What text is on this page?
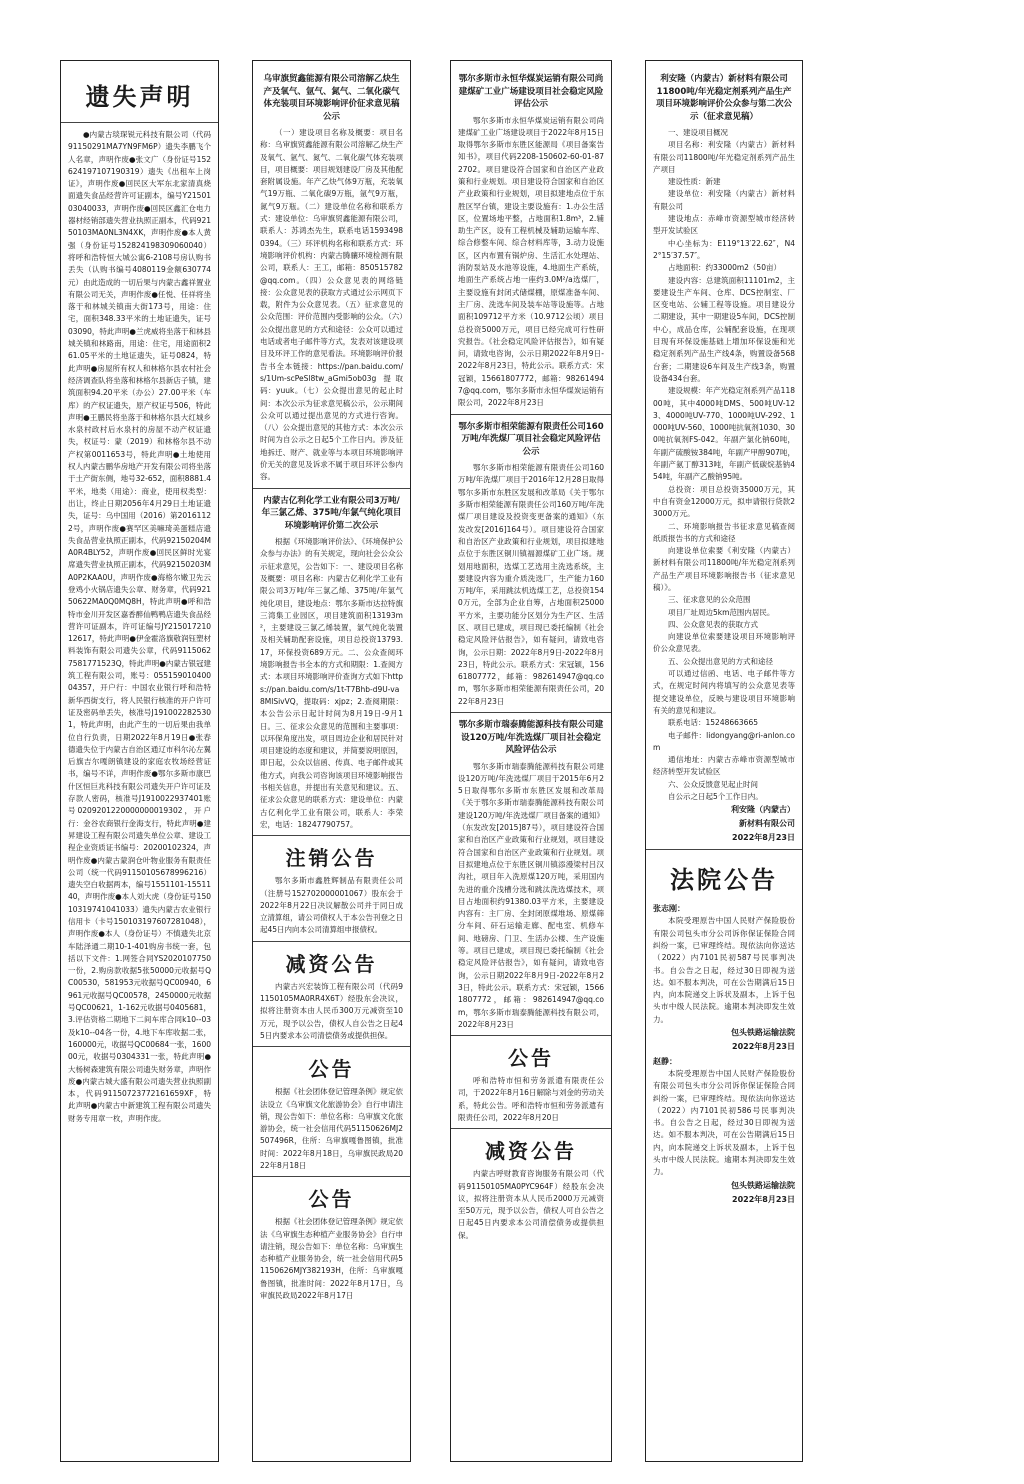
遗失声明

●内蒙古琰琛锐元科技有限公司（代码91150291MA7YN9FM6P）遗失李鹏飞个人名章，声明作废●张文广（身份证号152624197107190319）遗失《出租车上岗证》，声明作废●回民区大军东北家清真烧面遗失食品经营许可证副本，编号Y2150103040033，声明作废●回民区鑫汇仓电力器材经销部遗失营业执照正副本，代码92150103MA0NL3N4XK，声明作废●本人黄强（身份证号152824198309060040）将呼和浩特恒大城公寓6-2108号房认购书丢失（认购书编号4080119金额630774元）由此造成的一切后果与内蒙古鑫祥置业有限公司无关，声明作废●任悦、任祥将坐落于和林城关镇南大街173号，用途：住宅，面积348.33平米的土地证遗失，证号03090，特此声明●兰虎威将坐落于和林县城关镇和林路南，用途：住宅，用途面积261.05平米的土地证遗失，证号0824，特此声明●房屋所有权人和林格尔县农村社会经济调查队将坐落和林格尔县新店子镇，建筑面积94.20平米（办公）27.00平米（车库）的产权证遗失，原产权证号506，特此声明●王鹏民将坐落于和林格尔县大红城乡水泉村政村后水泉村的房屋不动产权证遗失，权证号：蒙（2019）和林格尔县不动产权第0011653号，特此声明●土地使用权人内蒙古鹏华房地产开发有限公司将坐落于土产街东侧，地号32-652，面积8881.4平米，地类（用途）：商业，使用权类型：出让，终止日期2056年4月29日土地证遗失，证号：乌中国用（2016）第20161122号，声明作废●赛罕区美嘛琦美蛋糕店遗失食品营业执照正副本，代码92150204MA0R4BLY52，声明作废●回民区鲜时光宴席遗失营业执照正副本，代码92150203MA0P2KAA0U，声明作废●海格尔嫩卫先云登鸡小火锅店遗失公章、财务章，代码92150622MA0Q0MQ8H，特此声明●呼和浩特市金川开发区嘉香醉仙鸭鸭店遗失食品经营许可证副本，许可证编号JY21501721012617，特此声明●伊金霍洛旗敬润钰塑材料装饰有限公司遗失公章，代码91150627581771523Q，特此声明●内蒙古银冠建筑工程有限公司，账号：05515901040004357，开户行：中国农业银行呼和浩特新华西街支行，将人民银行核准的开户许可证及密码单丢失，核准号J1910022825301，特此声明，由此产生的一切后果由我单位自行负责，日期2022年8月19日●张春德遗失位于内蒙古自治区通辽市科尔沁左翼后旗吉尔嘎朗镇建设的家庭农牧场经营证书，编号不详，声明作废●鄂尔多斯市康巴什区恒巨兆科技有限公司遗失开户许可证及存款人密码，核准号J1910022937401账号0209201220000000019302，开户行：金谷农商银行金海支行，特此声明●建昇建设工程有限公司遗失单位公章、建设工程企业资质证书编号：20200102324，声明作废●内蒙古蒙润仓叶物业服务有限责任公司（统一代码91150105678996216）遗失空白收据两本，编号1551101-1551140，声明作废●本人刘大虎（身份证号15010319741041033）遗失内蒙古农业银行信用卡（卡号150103197607281048），声明作废●本人（身份证号）不慎遗失北京车陆泽通二期10-1-401购房书统一套，包括以下文件：1.网签合同YS2020107750一份，2.购房款收据5张50000元收据号QC00530，581953元收据号QC00940，6961元收据号QC00578，2450000元收据号QC00621，1-162元收据号0405681，3.评估资格二期地下二间车库合同k10--03及k10--04各一份，4.地下车库收据二张，160000元，收据号QC00684一张，160000元，收据号0304331一张，特此声明●大杨树森建筑有限公司遗失财务章，声明作废●内蒙古城大盛有限公司遗失营业执照副本，代码91150723772161659XF，特此声明●内蒙古中新建筑工程有限公司遗失财务专用章一枚，声明作废。

乌审旗贸鑫能源有限公司溶解乙炔生产及氧气、氩气、氮气、二氧化碳气体充装项目环境影响评价征求意见稿公示

（一）建设项目名称及概要：项目名称：乌审旗贸鑫能源有限公司溶解乙炔生产及氧气、氩气、氮气、二氧化碳气体充装项目，项目概要：项目规划建设厂房及其他配套附属设施。年产乙炔气体9万瓶，充装氧气19万瓶、二氧化碳9万瓶，氩气9万瓶，氮气9万瓶。（二）建设单位名称和联系方式：建设单位：乌审旗贸鑫能源有限公司，联系人：苏鸿杰先生，联系电话15934980394。（三）环评机构名称和联系方式：环境影响评价机构：内蒙古腾骧环境检测有限公司，联系人：王工，邮箱：850515782@qq.com。（四）公众意见表的网络链接：公众意见表的获取方式通过公示网页下载，附件为公众意见表。（五）征求意见的公众范围：评价范围内受影响的公众。（六）公众提出意见的方式和途径：公众可以通过电话或者电子邮件等方式，发表对该建设项目及环评工作的意见看法。环境影响评价报告书全本链接：https://pan.baidu.com/s/1Um-scPeSl8tw_aGmi5ob03g 提取码：yuuk。（七）公众提出意见的起止时间：本次公示为征求意见稿公示，公示期间公众可以通过提出意见的方式进行咨询。（八）公众提出意见的其他方式：本次公示时间为自公示之日起5个工作日内。涉及征地拆迁、财产、就业等与本项目环境影响评价无关的意见及诉求不属于项目环评公参内容。

内蒙古亿利化学工业有限公司3万吨/年三氯乙烯、375吨/年氯气纯化项目环境影响评价第二次公示

根据《环境影响评价法》、《环境保护公众参与办法》的有关规定，现向社会公众公示征求意见，公告如下：一、建设项目名称及概要：项目名称：内蒙古亿利化学工业有限公司3万吨/年三氯乙烯、375吨/年氯气纯化项目，建设地点：鄂尔多斯市达拉特旗三湾集工业园区，项目建筑面积13193m²，主要建设三氯乙烯装置，氯气纯化装置及相关辅助配套设施，项目总投资13793.17，环保投资689万元。二、公众查阅环境影响报告书全本的方式和期限：1.查阅方式：本项目环境影响评价查询方式如下https://pan.baidu.com/s/1t-T7Bhb-d9U-va8MlSivVQ，提取码：xjpz；2.查阅期限：本公告公示日起计时间为8月19日-9月1日。三、征求公众意见的范围和主要事项：以环保角度出发，项目周边企业和居民针对项目建设的态度和建议，并简要说明原因，即日起，公众以信函、传真、电子邮件或其他方式，向我公司咨询该项目环境影响报告书相关信息，并提出有关意见和建议。五、征求公众意见的联系方式：建设单位：内蒙古亿利化学工业有限公司，联系人：李荣宏，电话：18247790757。

注销公告

鄂尔多斯市鑫胜辉制品有限责任公司（注册号152702000001067）股东会于2022年8月22日决议解散公司并于同日成立清算组，请公司债权人于本公告刊登之日起45日内向本公司清算组申报债权。

减资公告

内蒙古兴宏装饰工程有限公司（代码91150105MA0RR4X6T）经股东会决议，拟将注册资本由人民币300万元减资至10万元，现予以公告，债权人自公告之日起45日内要求本公司清偿债务或提供担保。

公告

根据《社会团体登记管理条例》规定依法设立《乌审旗文化旅游协会》自行申请注销，现公告如下：单位名称：乌审旗文化旅游协会，统一社会信用代码51150626MJ2507496R，住所：乌审旗嘎鲁图镇，批准时间：2022年8月18日，乌审旗民政局2022年8月18日

公告

根据《社会团体登记管理条例》规定依法《乌审旗生态种植产业服务协会》自行申请注销，现公告如下：单位名称：乌审旗生态种植产业服务协会，统一社会信用代码51150626MJY382193H，住所：乌审旗嘎鲁图镇，批准时间：2022年8月17日，乌审旗民政局2022年8月17日

鄂尔多斯市永恒华煤炭运销有限公司尚建煤矿工业广场建设项目社会稳定风险评估公示

鄂尔多斯市永恒华煤炭运销有限公司尚建煤矿工业广场建设项目于2022年8月15日取得鄂尔多斯市东胜区能源局《项目备案告知书》，项目代码2208-150602-60-01-872702。项目建设符合国家和自治区产业政策和行业规划。项目建设符合国家和自治区产业政策和行业规划，项目拟建地点位于东胜区罕台镇，建设主要设施有：1.办公生活区，位置场地平整，占地面积1.8m³，2.辅助生产区，设有工程机械及辅助运输车库、综合修整车间、综合材料库等，3.动力设施区，区内布置有锅炉房、生活汇水处理站、消防泵站及水池等设施，4.地面生产系统，地面生产系统占地一座约3.0M²/a选煤厂，主要设施有封闭式储煤棚，原煤准备车间、主厂房、洗选车间及装车站等设施等。占地面积109712平方米（10.9712公顷）项目总投资5000万元，项目已经完成可行性研究报告。《社会稳定风险评估报告》，如有疑问，请致电咨询，公示日期2022年8月9日-2022年8月23日，特此公示。联系方式：宋冠颖，15661807772，邮箱：982614947@qq.com，鄂尔多斯市永恒华煤炭运销有限公司，2022年8月23日

鄂尔多斯市相荣能源有限责任公司160万吨/年洗煤厂项目社会稳定风险评估公示

鄂尔多斯市相荣能源有限责任公司160万吨/年洗煤厂项目于2016年12月28日取得鄂尔多斯市东胜区发展和改革局《关于鄂尔多斯市相荣能源有限责任公司160万吨/年洗煤厂项目建设及投资变更备案的通知》（东发改发[2016]164号）。项目建设符合国家和自治区产业政策和行业规划，项目拟建地点位于东胜区铜川镇福源煤矿工业广场。规划用地面积，选煤工艺选用主洗选系统，主要建设内容为重介质洗选厂，生产能力160万吨/年，采用跳汰机选煤工艺，总投资1540万元，全部为企业自筹，占地面积25000平方米，主要功能分区划分为生产区、生活区、项目已建成，项目现已委托编制《社会稳定风险评估报告》，如有疑问，请致电咨询，公示日期：2022年8月9日-2022年8月23日，特此公示。联系方式：宋冠颖，15661807772，邮箱：982614947@qq.com，鄂尔多斯市相荣能源有限责任公司，2022年8月23日

鄂尔多斯市瑞泰腾能源科技有限公司建设120万吨/年洗选煤厂项目社会稳定风险评估公示

鄂尔多斯市瑞泰腾能源科技有限公司建设120万吨/年洗选煤厂项目于2015年6月25日取得鄂尔多斯市东胜区发展和改革局《关于鄂尔多斯市瑞泰腾能源科技有限公司建设120万吨/年洗选煤厂项目备案的通知》（东发改发[2015]87号），项目建设符合国家和自治区产业政策和行业规划，项目建设符合国家和自治区产业政策和行业规划。项目拟建地点位于东胜区铜川镇添漫梁村吕汉沟社，项目年入洗原煤120万吨，采用国内先进的重介浅槽分选和跳汰洗选煤技术，项目占地面积约91380.03平方米，主要建设内容有：主厂房、全封闭原煤堆场、原煤筛分车间、矸石运输走廊、配电室、机修车间、地磅房、门卫、生活办公楼、生产设施等。项目已建成，项目现已委托编制《社会稳定风险评估报告》，如有疑问，请致电咨询，公示日期2022年8月9日-2022年8月23日，特此公示。联系方式：宋冠颖，15661807772，邮箱：982614947@qq.com，鄂尔多斯市瑞泰腾能源科技有限公司，2022年8月23日

公告

呼和浩特市恒和劳务派遣有限责任公司，于2022年8月16日解除与刘金的劳动关系，特此公告。呼和浩特市恒和劳务派遣有限责任公司，2022年8月20日

减资公告

内蒙古呼财教育咨询服务有限公司（代码91150105MA0PYC964F）经股东会决议，拟将注册资本从人民币2000万元减资至50万元，现予以公告，债权人可自公告之日起45日内要求本公司清偿债务或提供担保。

利安隆（内蒙古）新材料有限公司11800吨/年光稳定剂系列产品生产项目环境影响评价公众参与第二次公示（征求意见稿）

一、建设项目概况

项目名称：利安隆（内蒙古）新材料有限公司11800吨/年光稳定剂系列产品生产项目

建设性质：新建

建设单位：利安隆（内蒙古）新材料有限公司

建设地点：赤峰市资源型城市经济转型开发试验区

中心坐标为：E119°13′22.62″，N42°15′37.57″。

占地面积：约33000m2（50亩）

建设内容：总建筑面积11101m2，主要建设生产车间、仓库、DCS控制室、厂区变电站、公辅工程等设施。项目建设分二期建设，其中一期建设5车间，DCS控制中心，成品仓库，公辅配套设施，在现项目现有环保设施基础上增加环保设施和光稳定剂系列产品生产线4条，购置设备568台套；二期建设6车间及生产线3条，购置设备434台套。

建设规模：年产光稳定剂系列产品11800吨，其中4000吨DMS、500吨UV-123、4000吨UV-770、1000吨UV-292、1000吨UV-560、1000吨抗氧剂1030、300吨抗氧剂FS-042。年副产氯化钠60吨，年副产硫酸铵384吨，年副产甲醇907吨，年副产氨丁醇313吨，年副产低碳烷基钠454吨，年副产乙酸钠95吨。

总投资：项目总投资35000万元，其中自有资金12000万元，拟申请银行贷款23000万元。

二、环境影响报告书征求意见稿查阅纸质报告书的方式和途径

向建设单位索要《利安隆（内蒙古）新材料有限公司11800吨/年光稳定剂系列产品生产项目环境影响报告书（征求意见稿）》。

三、征求意见的公众范围

项目厂址周边5km范围内居民。

四、公众意见表的获取方式

向建设单位索要建设项目环境影响评价公众意见表。

五、公众提出意见的方式和途径

可以通过信函、电话、电子邮件等方式，在规定时间内将填写的公众意见表等提交建设单位，反映与建设项目环境影响有关的意见和建议。

联系电话：15248663665

电子邮件：lidongyang@ri-anlon.com

通信地址：内蒙古赤峰市资源型城市经济转型开发试验区

六、公众反馈意见起止时间

自公示之日起5个工作日内。

利安隆（内蒙古）
新材料有限公司
2022年8月23日
法院公告
张志刚：

本院受理原告中国人民财产保险股份有限公司包头市分公司诉你保证保险合同纠纷一案，已审理终结。现依法向你送达（2022）内7101民初587号民事判决书。自公告之日起，经过30日即视为送达。如不服本判决，可在公告期满后15日内，向本院递交上诉状及副本，上诉于包头市中级人民法院。逾期本判决即发生效力。

包头铁路运输法院
2022年8月23日
赵静：

本院受理原告中国人民财产保险股份有限公司包头市分公司诉你保证保险合同纠纷一案，已审理终结。现依法向你送达（2022）内7101民初586号民事判决书。自公告之日起，经过30日即视为送达。如不服本判决，可在公告期满后15日内，向本院递交上诉状及副本，上诉于包头市中级人民法院。逾期本判决即发生效力。

包头铁路运输法院
2022年8月23日
